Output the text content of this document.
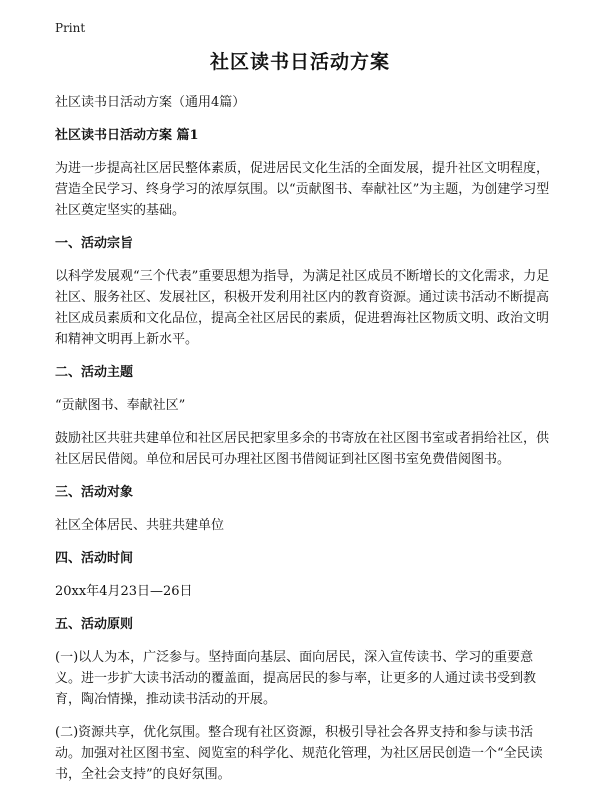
Print
社区读书日活动方案

社区读书日活动方案（通用4篇）

社区读书日活动方案 篇1

为进一步提高社区居民整体素质，促进居民文化生活的全面发展，提升社区文明程度，营造全民学习、终身学习的浓厚氛围。以“贡献图书、奉献社区”为主题，为创建学习型社区奠定坚实的基础。

一、活动宗旨

以科学发展观“三个代表”重要思想为指导，为满足社区成员不断增长的文化需求，力足社区、服务社区、发展社区，积极开发利用社区内的教育资源。通过读书活动不断提高社区成员素质和文化品位，提高全社区居民的素质，促进碧海社区物质文明、政治文明和精神文明再上新水平。

二、活动主题

“贡献图书、奉献社区”

鼓励社区共驻共建单位和社区居民把家里多余的书寄放在社区图书室或者捐给社区，供社区居民借阅。单位和居民可办理社区图书借阅证到社区图书室免费借阅图书。

三、活动对象

社区全体居民、共驻共建单位

四、活动时间

20xx年4月23日—26日

五、活动原则

(一)以人为本，广泛参与。坚持面向基层、面向居民，深入宣传读书、学习的重要意义。进一步扩大读书活动的覆盖面，提高居民的参与率，让更多的人通过读书受到教育，陶冶情操，推动读书活动的开展。

(二)资源共享，优化氛围。整合现有社区资源，积极引导社会各界支持和参与读书活动。加强对社区图书室、阅览室的科学化、规范化管理，为社区居民创造一个“全民读书，全社会支持”的良好氛围。
